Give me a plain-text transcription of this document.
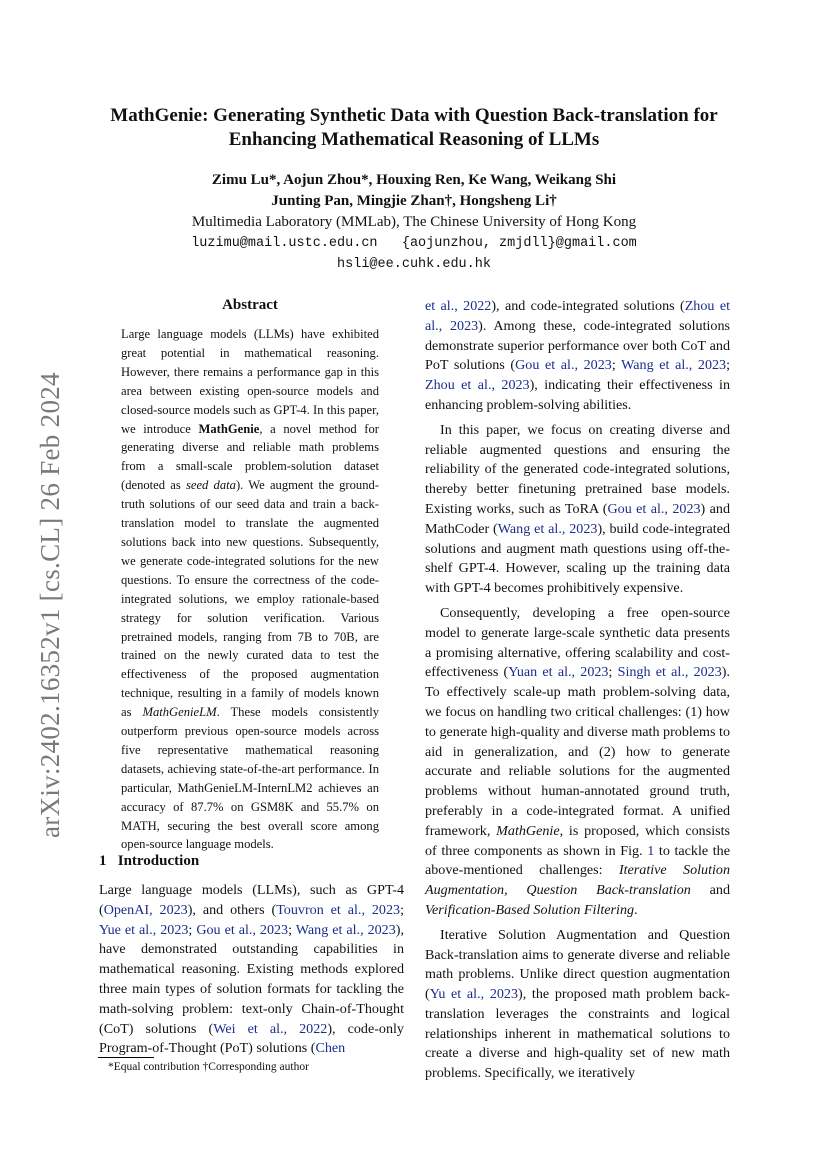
arXiv:2402.16352v1 [cs.CL] 26 Feb 2024
MathGenie: Generating Synthetic Data with Question Back-translation for
Enhancing Mathematical Reasoning of LLMs
Zimu Lu*, Aojun Zhou*, Houxing Ren, Ke Wang, Weikang Shi
Junting Pan, Mingjie Zhan†, Hongsheng Li†
Multimedia Laboratory (MMLab), The Chinese University of Hong Kong
luzimu@mail.ustc.edu.cn   {aojunzhou, zmjdll}@gmail.com
hsli@ee.cuhk.edu.hk
Abstract
Large language models (LLMs) have exhibited great potential in mathematical reasoning. However, there remains a performance gap in this area between existing open-source models and closed-source models such as GPT-4. In this paper, we introduce MathGenie, a novel method for generating diverse and reliable math problems from a small-scale problem-solution dataset (denoted as seed data). We augment the ground-truth solutions of our seed data and train a back-translation model to translate the augmented solutions back into new questions. Subsequently, we generate code-integrated solutions for the new questions. To ensure the correctness of the code-integrated solutions, we employ rationale-based strategy for solution verification. Various pretrained models, ranging from 7B to 70B, are trained on the newly curated data to test the effectiveness of the proposed augmentation technique, resulting in a family of models known as MathGenieLM. These models consistently outperform previous open-source models across five representative mathematical reasoning datasets, achieving state-of-the-art performance. In particular, MathGenieLM-InternLM2 achieves an accuracy of 87.7% on GSM8K and 55.7% on MATH, securing the best overall score among open-source language models.
1   Introduction

Large language models (LLMs), such as GPT-4 (OpenAI, 2023), and others (Touvron et al., 2023; Yue et al., 2023; Gou et al., 2023; Wang et al., 2023), have demonstrated outstanding capabilities in mathematical reasoning. Existing methods explored three main types of solution formats for tackling the math-solving problem: text-only Chain-of-Thought (CoT) solutions (Wei et al., 2022), code-only Program-of-Thought (PoT) solutions (Chen

*Equal contribution †Corresponding author

et al., 2022), and code-integrated solutions (Zhou et al., 2023). Among these, code-integrated solutions demonstrate superior performance over both CoT and PoT solutions (Gou et al., 2023; Wang et al., 2023; Zhou et al., 2023), indicating their effectiveness in enhancing problem-solving abilities.

In this paper, we focus on creating diverse and reliable augmented questions and ensuring the reliability of the generated code-integrated solutions, thereby better finetuning pretrained base models. Existing works, such as ToRA (Gou et al., 2023) and MathCoder (Wang et al., 2023), build code-integrated solutions and augment math questions using off-the-shelf GPT-4. However, scaling up the training data with GPT-4 becomes prohibitively expensive.

Consequently, developing a free open-source model to generate large-scale synthetic data presents a promising alternative, offering scalability and cost-effectiveness (Yuan et al., 2023; Singh et al., 2023). To effectively scale-up math problem-solving data, we focus on handling two critical challenges: (1) how to generate high-quality and diverse math problems to aid in generalization, and (2) how to generate accurate and reliable solutions for the augmented problems without human-annotated ground truth, preferably in a code-integrated format. A unified framework, MathGenie, is proposed, which consists of three components as shown in Fig. 1 to tackle the above-mentioned challenges: Iterative Solution Augmentation, Question Back-translation and Verification-Based Solution Filtering.

Iterative Solution Augmentation and Question Back-translation aims to generate diverse and reliable math problems. Unlike direct question augmentation (Yu et al., 2023), the proposed math problem back-translation leverages the constraints and logical relationships inherent in mathematical solutions to create a diverse and high-quality set of new math problems. Specifically, we iteratively
